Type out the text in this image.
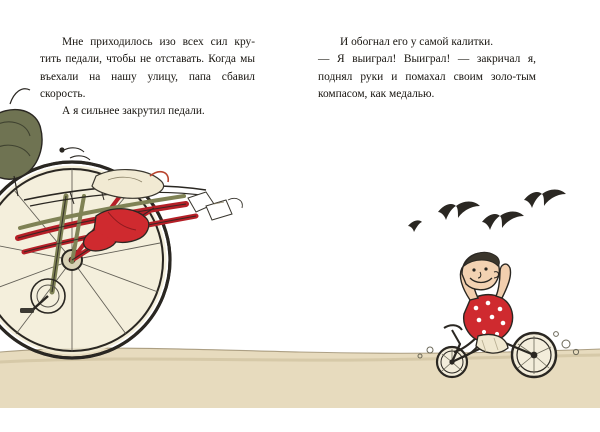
Мне приходилось изо всех сил кру-тить педали, чтобы не отставать. Когда мы въехали на нашу улицу, папа сбавил скорость.

А я сильнее закрутил педали.

И обогнал его у самой калитки.

— Я выиграл! Выиграл! — закричал я, поднял руки и помахал своим золо-тым компасом, как медалью.
